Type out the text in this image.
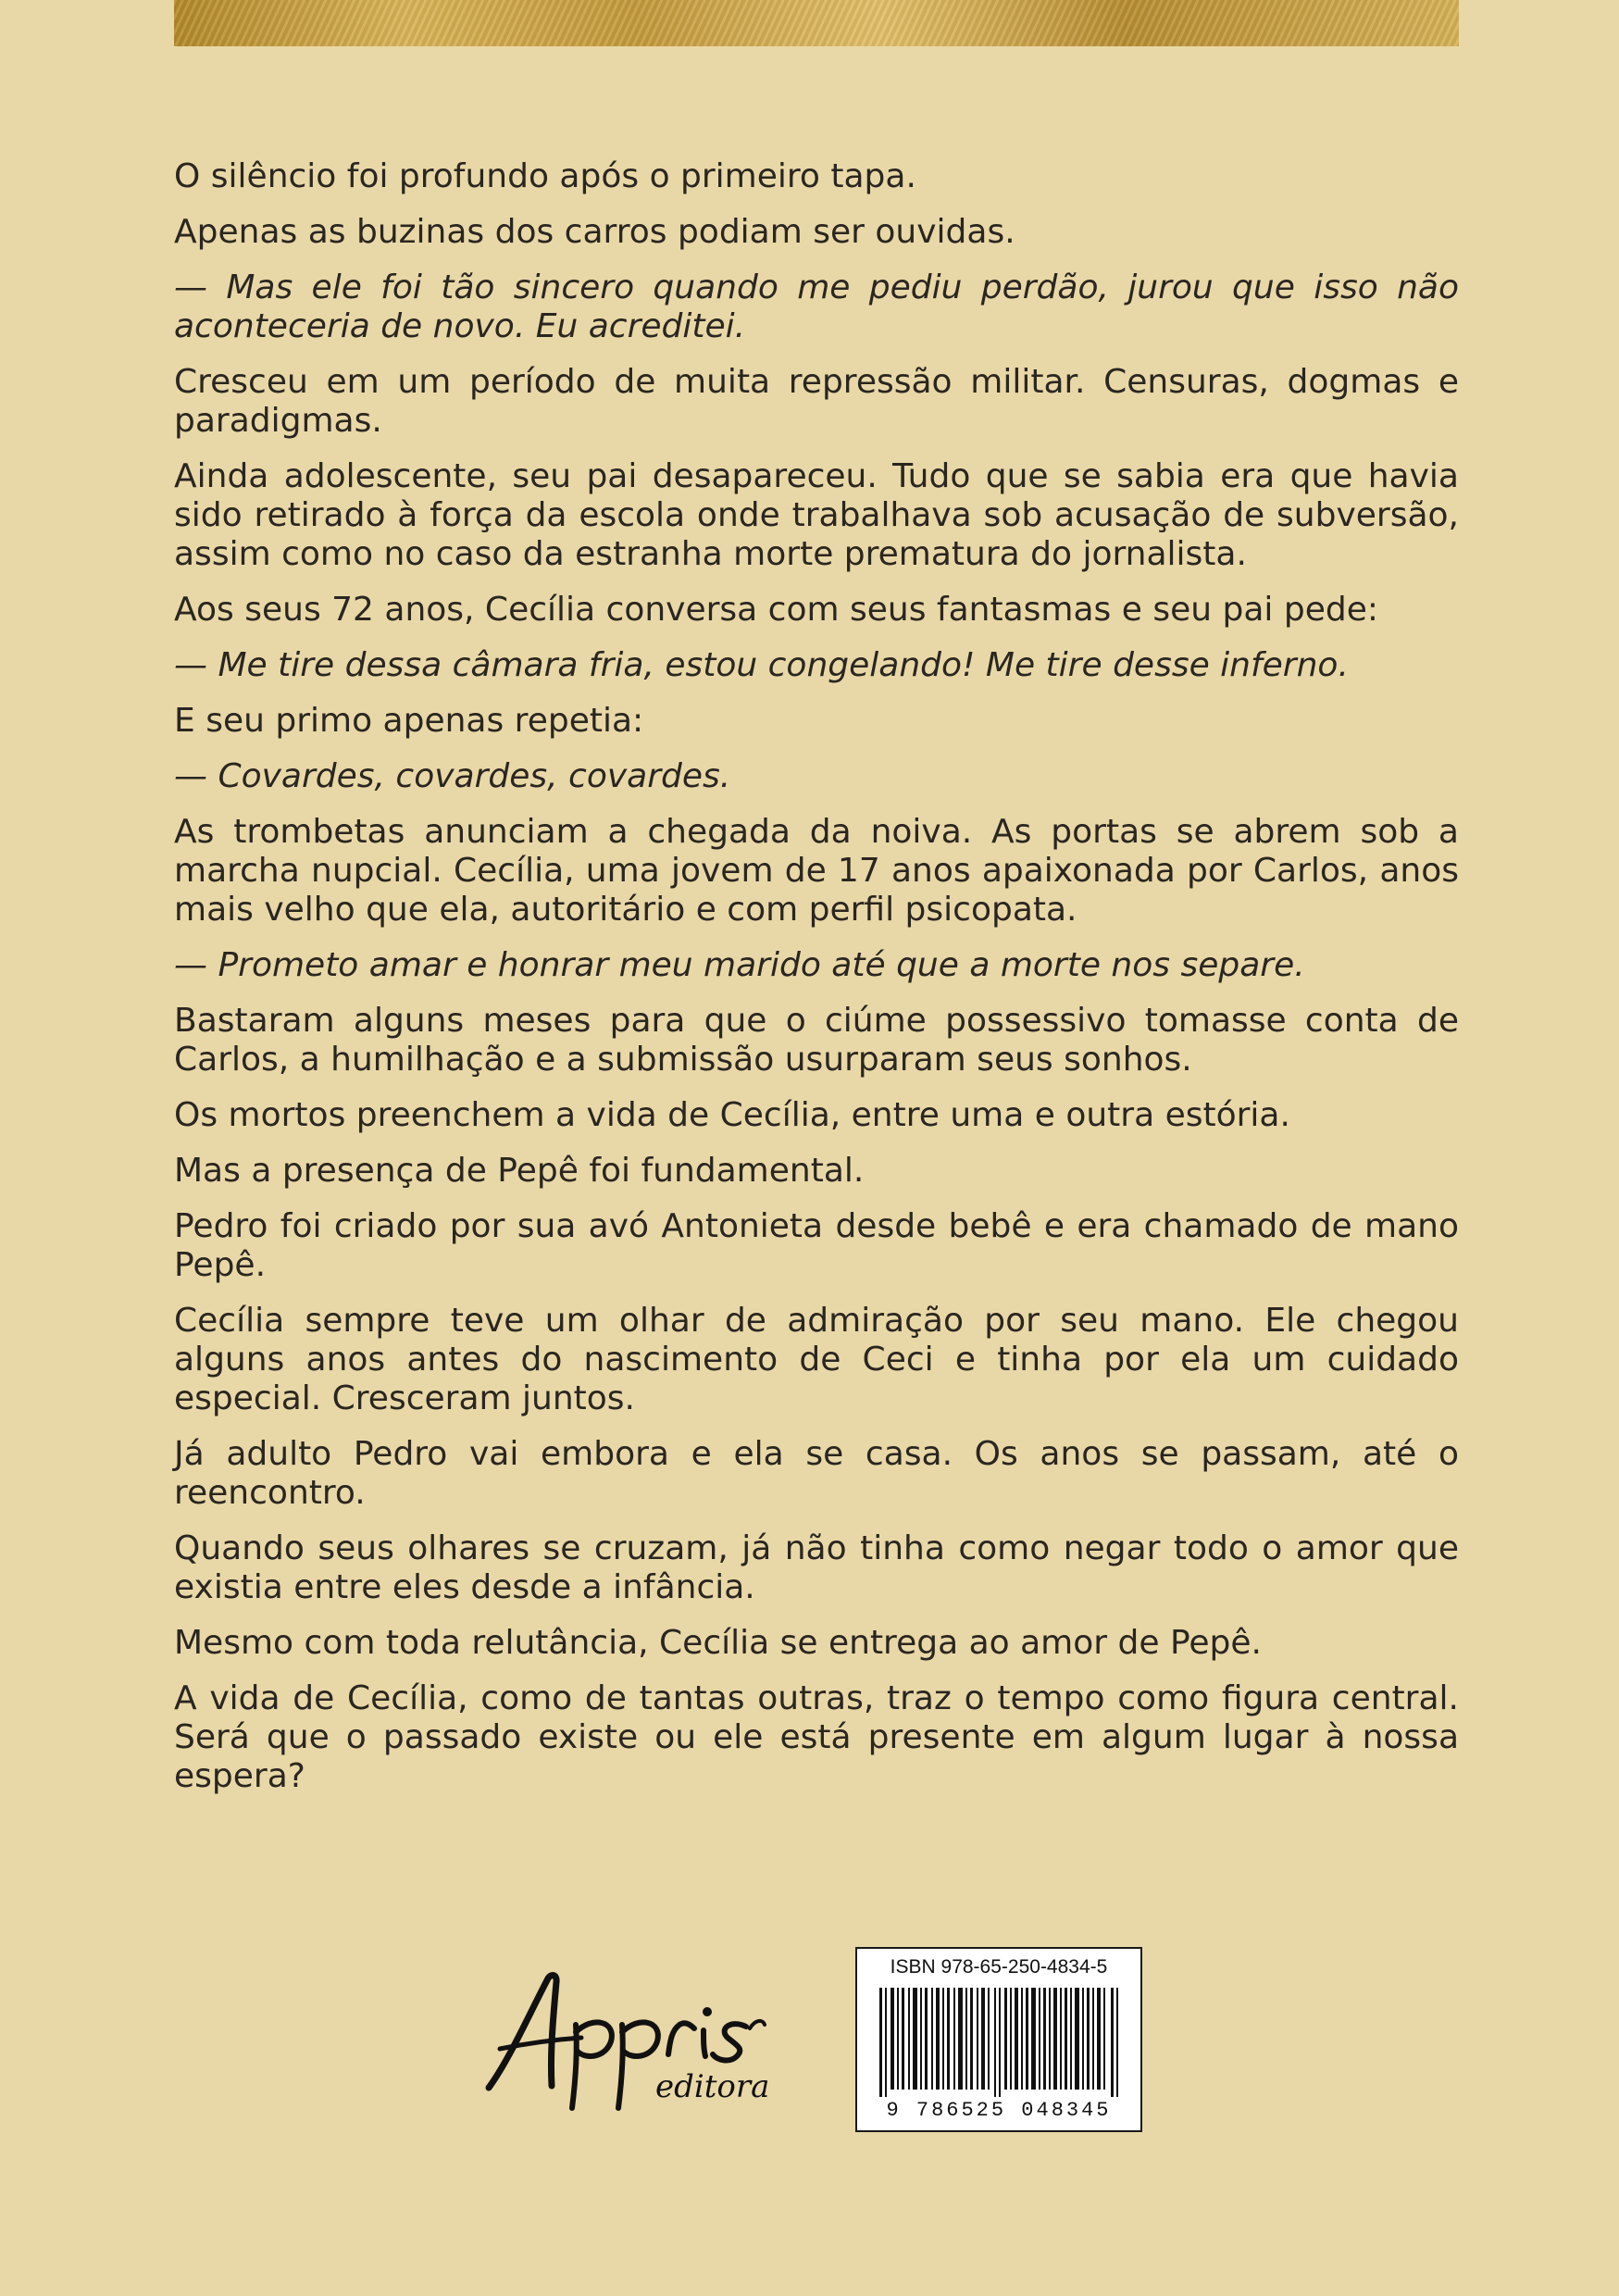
O silêncio foi profundo após o primeiro tapa.

Apenas as buzinas dos carros podiam ser ouvidas.

— Mas ele foi tão sincero quando me pediu perdão, jurou que isso não aconteceria de novo. Eu acreditei.

Cresceu em um período de muita repressão militar. Censuras, dogmas e paradigmas.

Ainda adolescente, seu pai desapareceu. Tudo que se sabia era que havia sido retirado à força da escola onde trabalhava sob acusação de subversão, assim como no caso da estranha morte prematura do jornalista.

Aos seus 72 anos, Cecília conversa com seus fantasmas e seu pai pede:

— Me tire dessa câmara fria, estou congelando! Me tire desse inferno.

E seu primo apenas repetia:

— Covardes, covardes, covardes.

As trombetas anunciam a chegada da noiva. As portas se abrem sob a marcha nupcial. Cecília, uma jovem de 17 anos apaixonada por Carlos, anos mais velho que ela, autoritário e com perfil psicopata.

— Prometo amar e honrar meu marido até que a morte nos separe.

Bastaram alguns meses para que o ciúme possessivo tomasse conta de Carlos, a humilhação e a submissão usurparam seus sonhos.

Os mortos preenchem a vida de Cecília, entre uma e outra estória.

Mas a presença de Pepê foi fundamental.

Pedro foi criado por sua avó Antonieta desde bebê e era chamado de mano Pepê.

Cecília sempre teve um olhar de admiração por seu mano. Ele chegou alguns anos antes do nascimento de Ceci e tinha por ela um cuidado especial. Cresceram juntos.

Já adulto Pedro vai embora e ela se casa. Os anos se passam, até o reencontro.

Quando seus olhares se cruzam, já não tinha como negar todo o amor que existia entre eles desde a infância.

Mesmo com toda relutância, Cecília se entrega ao amor de Pepê.

A vida de Cecília, como de tantas outras, traz o tempo como figura central. Será que o passado existe ou ele está presente em algum lugar à nossa espera?

editora
ISBN 978-65-250-4834-5
9 786525 048345
